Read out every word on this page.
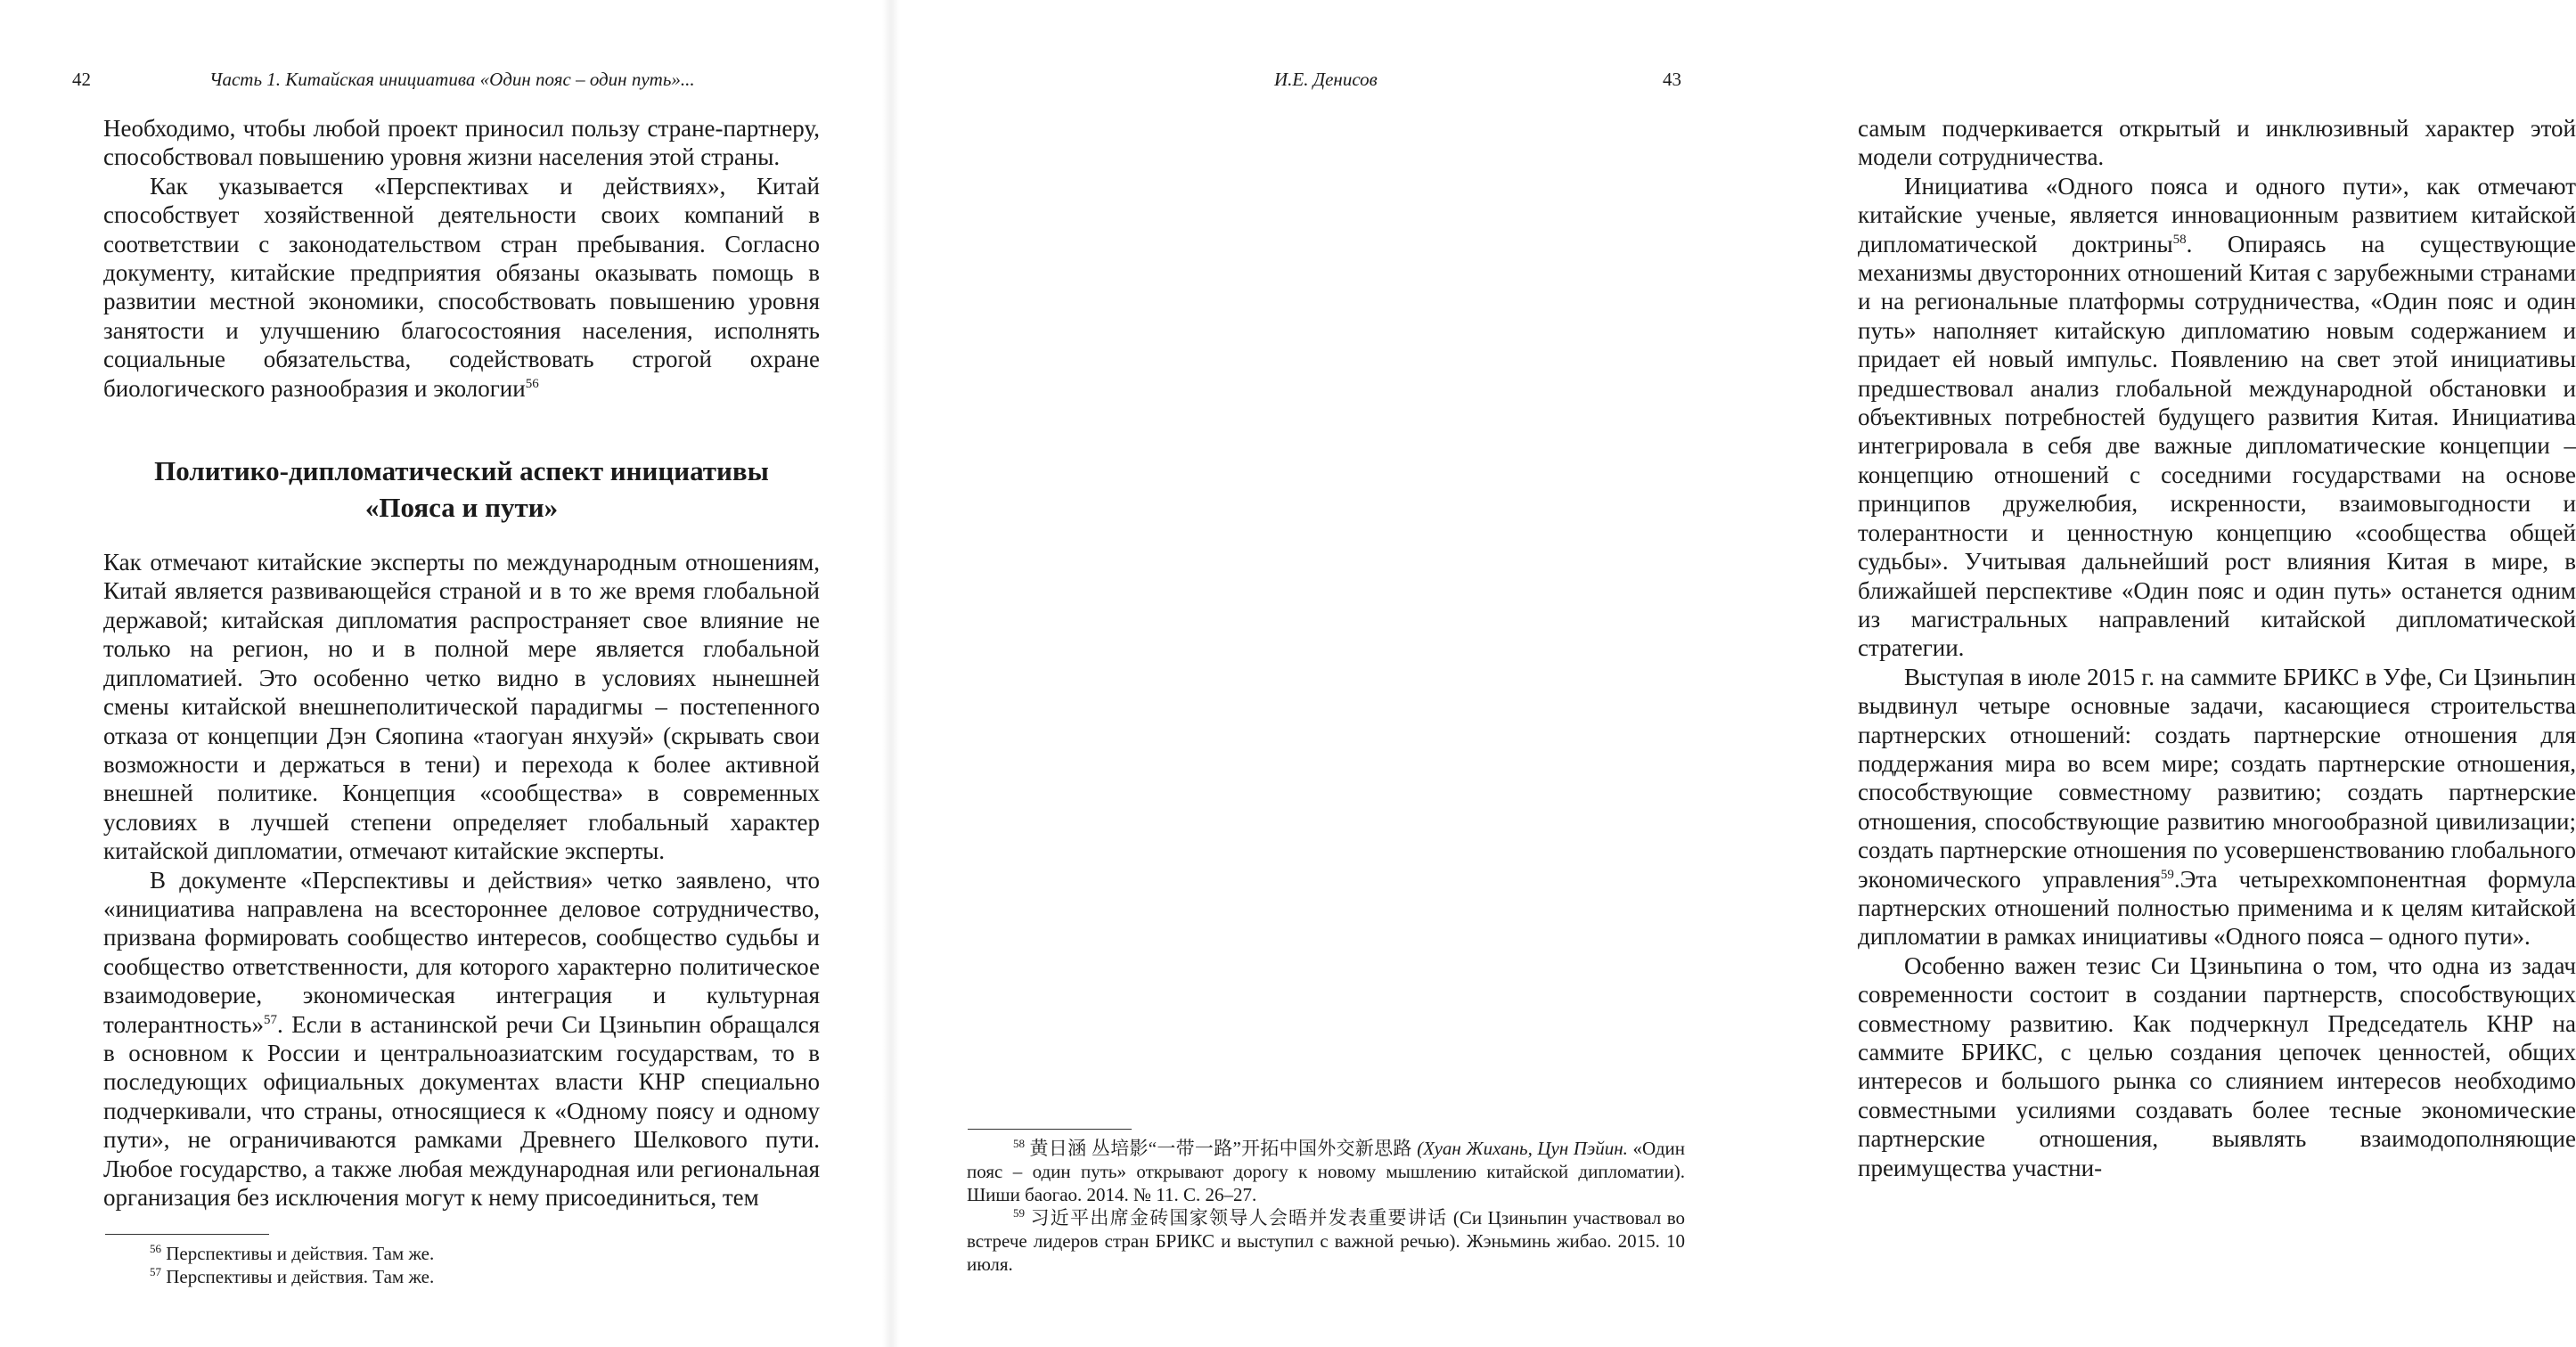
42	Часть 1. Китайская инициатива «Один пояс – один путь»...

Необходимо, чтобы любой проект приносил пользу стране-партнеру, способствовал повышению уровня жизни населения этой страны.

Как указывается «Перспективах и действиях», Китай способствует хозяйственной деятельности своих компаний в соответствии с законодательством стран пребывания. Согласно документу, китайские предприятия обязаны оказывать помощь в развитии местной экономики, способствовать повышению уровня занятости и улучшению благосостояния населения, исполнять социальные обязательства, содействовать строгой охране биологического разнообразия и экологии$^{56}$

Политико-дипломатический аспект инициативы
«Пояса и пути»

Как отмечают китайские эксперты по международным отношениям, Китай является развивающейся страной и в то же время глобальной державой; китайская дипломатия распространяет свое влияние не только на регион, но и в полной мере является глобальной дипломатией. Это особенно четко видно в условиях нынешней смены китайской внешнеполитической парадигмы – постепенного отказа от концепции Дэн Сяопина «таогуан янхуэй» (скрывать свои возможности и держаться в тени) и перехода к более активной внешней политике. Концепция «сообщества» в современных условиях в лучшей степени определяет глобальный характер китайской дипломатии, отмечают китайские эксперты.

В документе «Перспективы и действия» четко заявлено, что «инициатива направлена на всестороннее деловое сотрудничество, призвана формировать сообщество интересов, сообщество судьбы и сообщество ответственности, для которого характерно политическое взаимодоверие, экономическая интеграция и культурная толерантность»$^{57}$. Если в астанинской речи Си Цзиньпин обращался в основном к России и центральноазиатским государствам, то в последующих официальных документах власти КНР специально подчеркивали, что страны, относящиеся к «Одному поясу и одному пути», не ограничиваются рамками Древнего Шелкового пути. Любое государство, а также любая международная или региональная организация без исключения могут к нему присоединиться, тем

$^{56}$ Перспективы и действия. Там же.

$^{57}$ Перспективы и действия. Там же.

И.Е. Денисов	43

самым подчеркивается открытый и инклюзивный характер этой модели сотрудничества.

Инициатива «Одного пояса и одного пути», как отмечают китайские ученые, является инновационным развитием китайской дипломатической доктрины$^{58}$. Опираясь на существующие механизмы двусторонних отношений Китая с зарубежными странами и на региональные платформы сотрудничества, «Один пояс и один путь» наполняет китайскую дипломатию новым содержанием и придает ей новый импульс. Появлению на свет этой инициативы предшествовал анализ глобальной международной обстановки и объективных потребностей будущего развития Китая. Инициатива интегрировала в себя две важные дипломатические концепции – концепцию отношений с соседними государствами на основе принципов дружелюбия, искренности, взаимовыгодности и толерантности и ценностную концепцию «сообщества общей судьбы». Учитывая дальнейший рост влияния Китая в мире, в ближайшей перспективе «Один пояс и один путь» останется одним из магистральных направлений китайской дипломатической стратегии.

Выступая в июле 2015 г. на саммите БРИКС в Уфе, Си Цзиньпин выдвинул четыре основные задачи, касающиеся строительства партнерских отношений: создать партнерские отношения для поддержания мира во всем мире; создать партнерские отношения, способствующие совместному развитию; создать партнерские отношения, способствующие развитию многообразной цивилизации; создать партнерские отношения по усовершенствованию глобального экономического управления$^{59}$.Эта четырехкомпонентная формула партнерских отношений полностью применима и к целям китайской дипломатии в рамках инициативы «Одного пояса – одного пути».

Особенно важен тезис Си Цзиньпина о том, что одна из задач современности состоит в создании партнерств, способствующих совместному развитию. Как подчеркнул Председатель КНР на саммите БРИКС, с целью создания цепочек ценностей, общих интересов и большого рынка со слиянием интересов необходимо совместными усилиями создавать более тесные экономические партнерские отношения, выявлять взаимодополняющие преимущества участни-

$^{58}$ 黄日涵 丛培影“一带一路”开拓中国外交新思路 (Хуан Жихань, Цун Пэйин. «Один пояс – один путь» открывают дорогу к новому мышлению китайской дипломатии). Шиши баогао. 2014. № 11. С. 26–27.

$^{59}$ 习近平出席金砖国家领导人会晤并发表重要讲话 (Си Цзиньпин участвовал во встрече лидеров стран БРИКС и выступил с важной речью). Жэньминь жибао. 2015. 10 июля.
